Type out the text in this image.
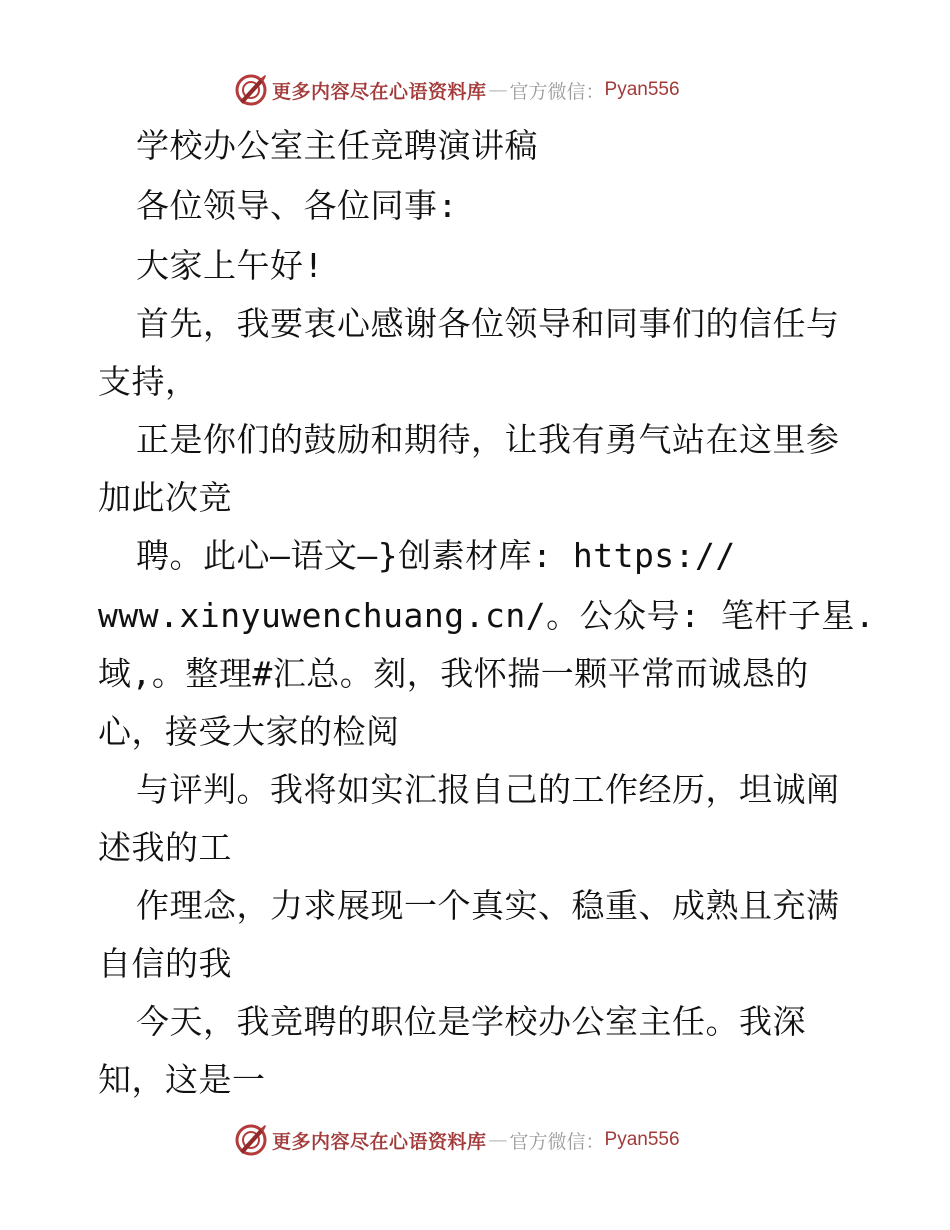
更多内容尽在心语资料库 — 官方微信： Pyan556
学校办公室主任竞聘演讲稿
各位领导、各位同事:
大家上午好!
首先，我要衷心感谢各位领导和同事们的信任与
支持，
正是你们的鼓励和期待，让我有勇气站在这里参
加此次竞
聘。此心—语文—}创素材库: https://
www.xinyuwenchuang.cn/。公众号: 笔杆子星.
域,。整理#汇总。刻，我怀揣一颗平常而诚恳的
心，接受大家的检阅
与评判。我将如实汇报自己的工作经历，坦诚阐
述我的工
作理念，力求展现一个真实、稳重、成熟且充满
自信的我
今天，我竞聘的职位是学校办公室主任。我深
知，这是一
更多内容尽在心语资料库 — 官方微信： Pyan556
